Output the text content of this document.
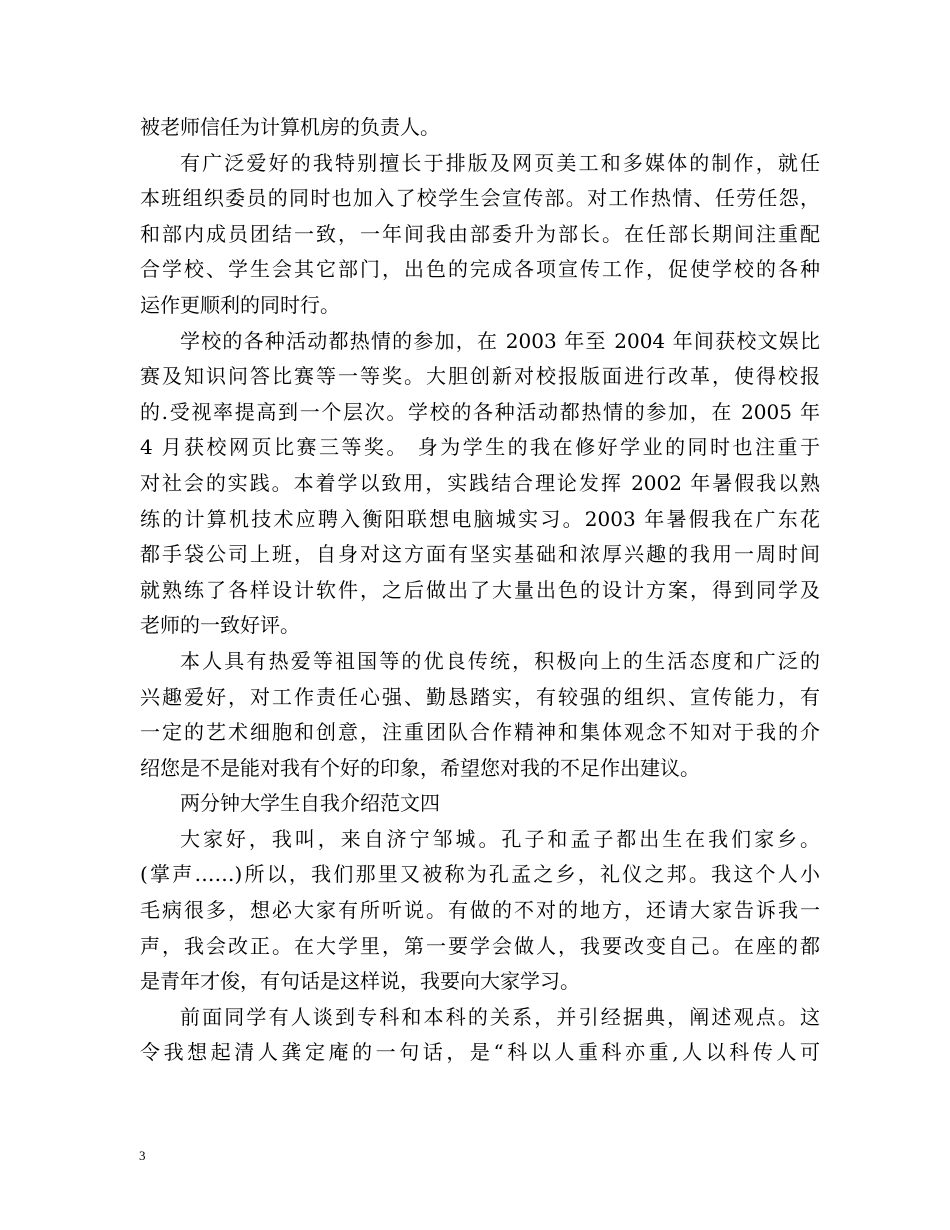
被老师信任为计算机房的负责人。
有广泛爱好的我特别擅长于排版及网页美工和多媒体的制作，就任
本班组织委员的同时也加入了校学生会宣传部。对工作热情、任劳任怨，
和部内成员团结一致，一年间我由部委升为部长。在任部长期间注重配
合学校、学生会其它部门，出色的完成各项宣传工作，促使学校的各种
运作更顺利的同时行。
学校的各种活动都热情的参加，在 2003 年至 2004 年间获校文娱比
赛及知识问答比赛等一等奖。大胆创新对校报版面进行改革，使得校报
的.受视率提高到一个层次。学校的各种活动都热情的参加，在 2005 年
4 月获校网页比赛三等奖。 身为学生的我在修好学业的同时也注重于
对社会的实践。本着学以致用，实践结合理论发挥 2002 年暑假我以熟
练的计算机技术应聘入衡阳联想电脑城实习。2003 年暑假我在广东花
都手袋公司上班，自身对这方面有坚实基础和浓厚兴趣的我用一周时间
就熟练了各样设计软件，之后做出了大量出色的设计方案，得到同学及
老师的一致好评。
本人具有热爱等祖国等的优良传统，积极向上的生活态度和广泛的
兴趣爱好，对工作责任心强、勤恳踏实，有较强的组织、宣传能力，有
一定的艺术细胞和创意，注重团队合作精神和集体观念不知对于我的介
绍您是不是能对我有个好的印象，希望您对我的不足作出建议。
两分钟大学生自我介绍范文四
大家好，我叫，来自济宁邹城。孔子和孟子都出生在我们家乡。
(掌声……)所以，我们那里又被称为孔孟之乡，礼仪之邦。我这个人小
毛病很多，想必大家有所听说。有做的不对的地方，还请大家告诉我一
声，我会改正。在大学里，第一要学会做人，我要改变自己。在座的都
是青年才俊，有句话是这样说，我要向大家学习。
前面同学有人谈到专科和本科的关系，并引经据典，阐述观点。这
令我想起清人龚定庵的一句话，是“科以人重科亦重,人以科传人可
3
